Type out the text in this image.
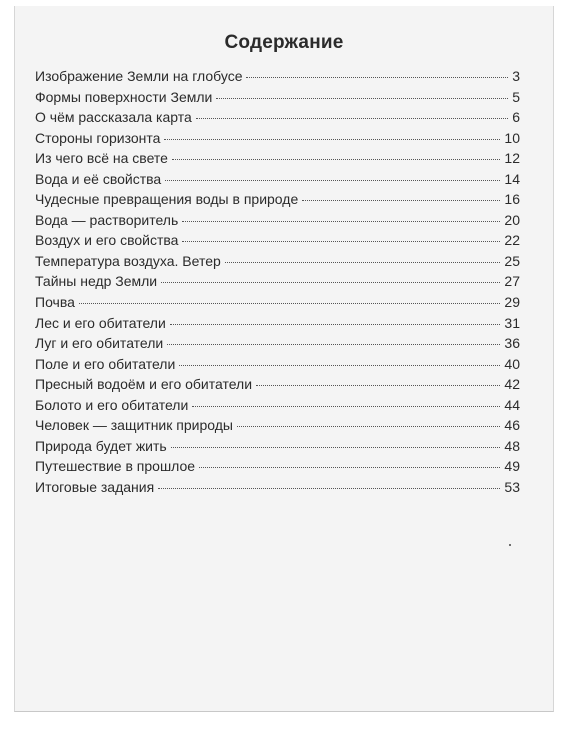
Содержание
Изображение Земли на глобусе	3
Формы поверхности Земли	5
О чём рассказала карта	6
Стороны горизонта	10
Из чего всё на свете	12
Вода и её свойства	14
Чудесные превращения воды в природе	16
Вода — растворитель	20
Воздух и его свойства	22
Температура воздуха. Ветер	25
Тайны недр Земли	27
Почва	29
Лес и его обитатели	31
Луг и его обитатели	36
Поле и его обитатели	40
Пресный водоём и его обитатели	42
Болото и его обитатели	44
Человек — защитник природы	46
Природа будет жить	48
Путешествие в прошлое	49
Итоговые задания	53
